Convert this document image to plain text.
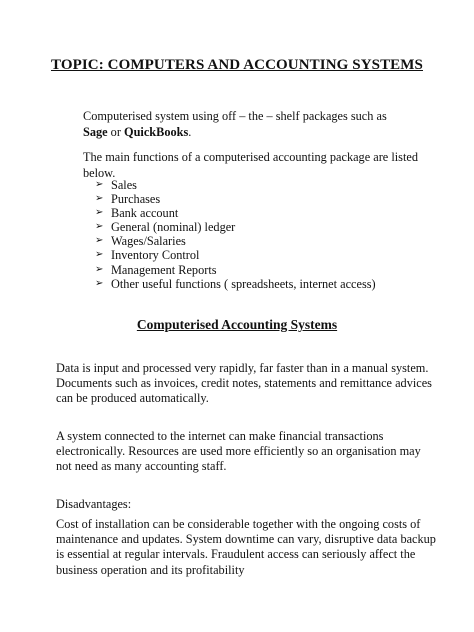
TOPIC: COMPUTERS AND ACCOUNTING SYSTEMS
Computerised system using off – the – shelf packages such as Sage or QuickBooks.
The main functions of a computerised accounting package are listed below.
➢ Sales
➢ Purchases
➢ Bank account
➢ General (nominal) ledger
➢ Wages/Salaries
➢ Inventory Control
➢ Management Reports
➢ Other useful functions ( spreadsheets, internet access)
Computerised Accounting Systems
Data is input and processed very rapidly, far faster than in a manual system. Documents such as invoices, credit notes, statements and remittance advices can be produced automatically.
A system connected to the internet can make financial transactions electronically. Resources are used more efficiently so an organisation may not need as many accounting staff.
Disadvantages:
Cost of installation can be considerable together with the ongoing costs of maintenance and updates. System downtime can vary, disruptive data backup is essential at regular intervals. Fraudulent access can seriously affect the business operation and its profitability
